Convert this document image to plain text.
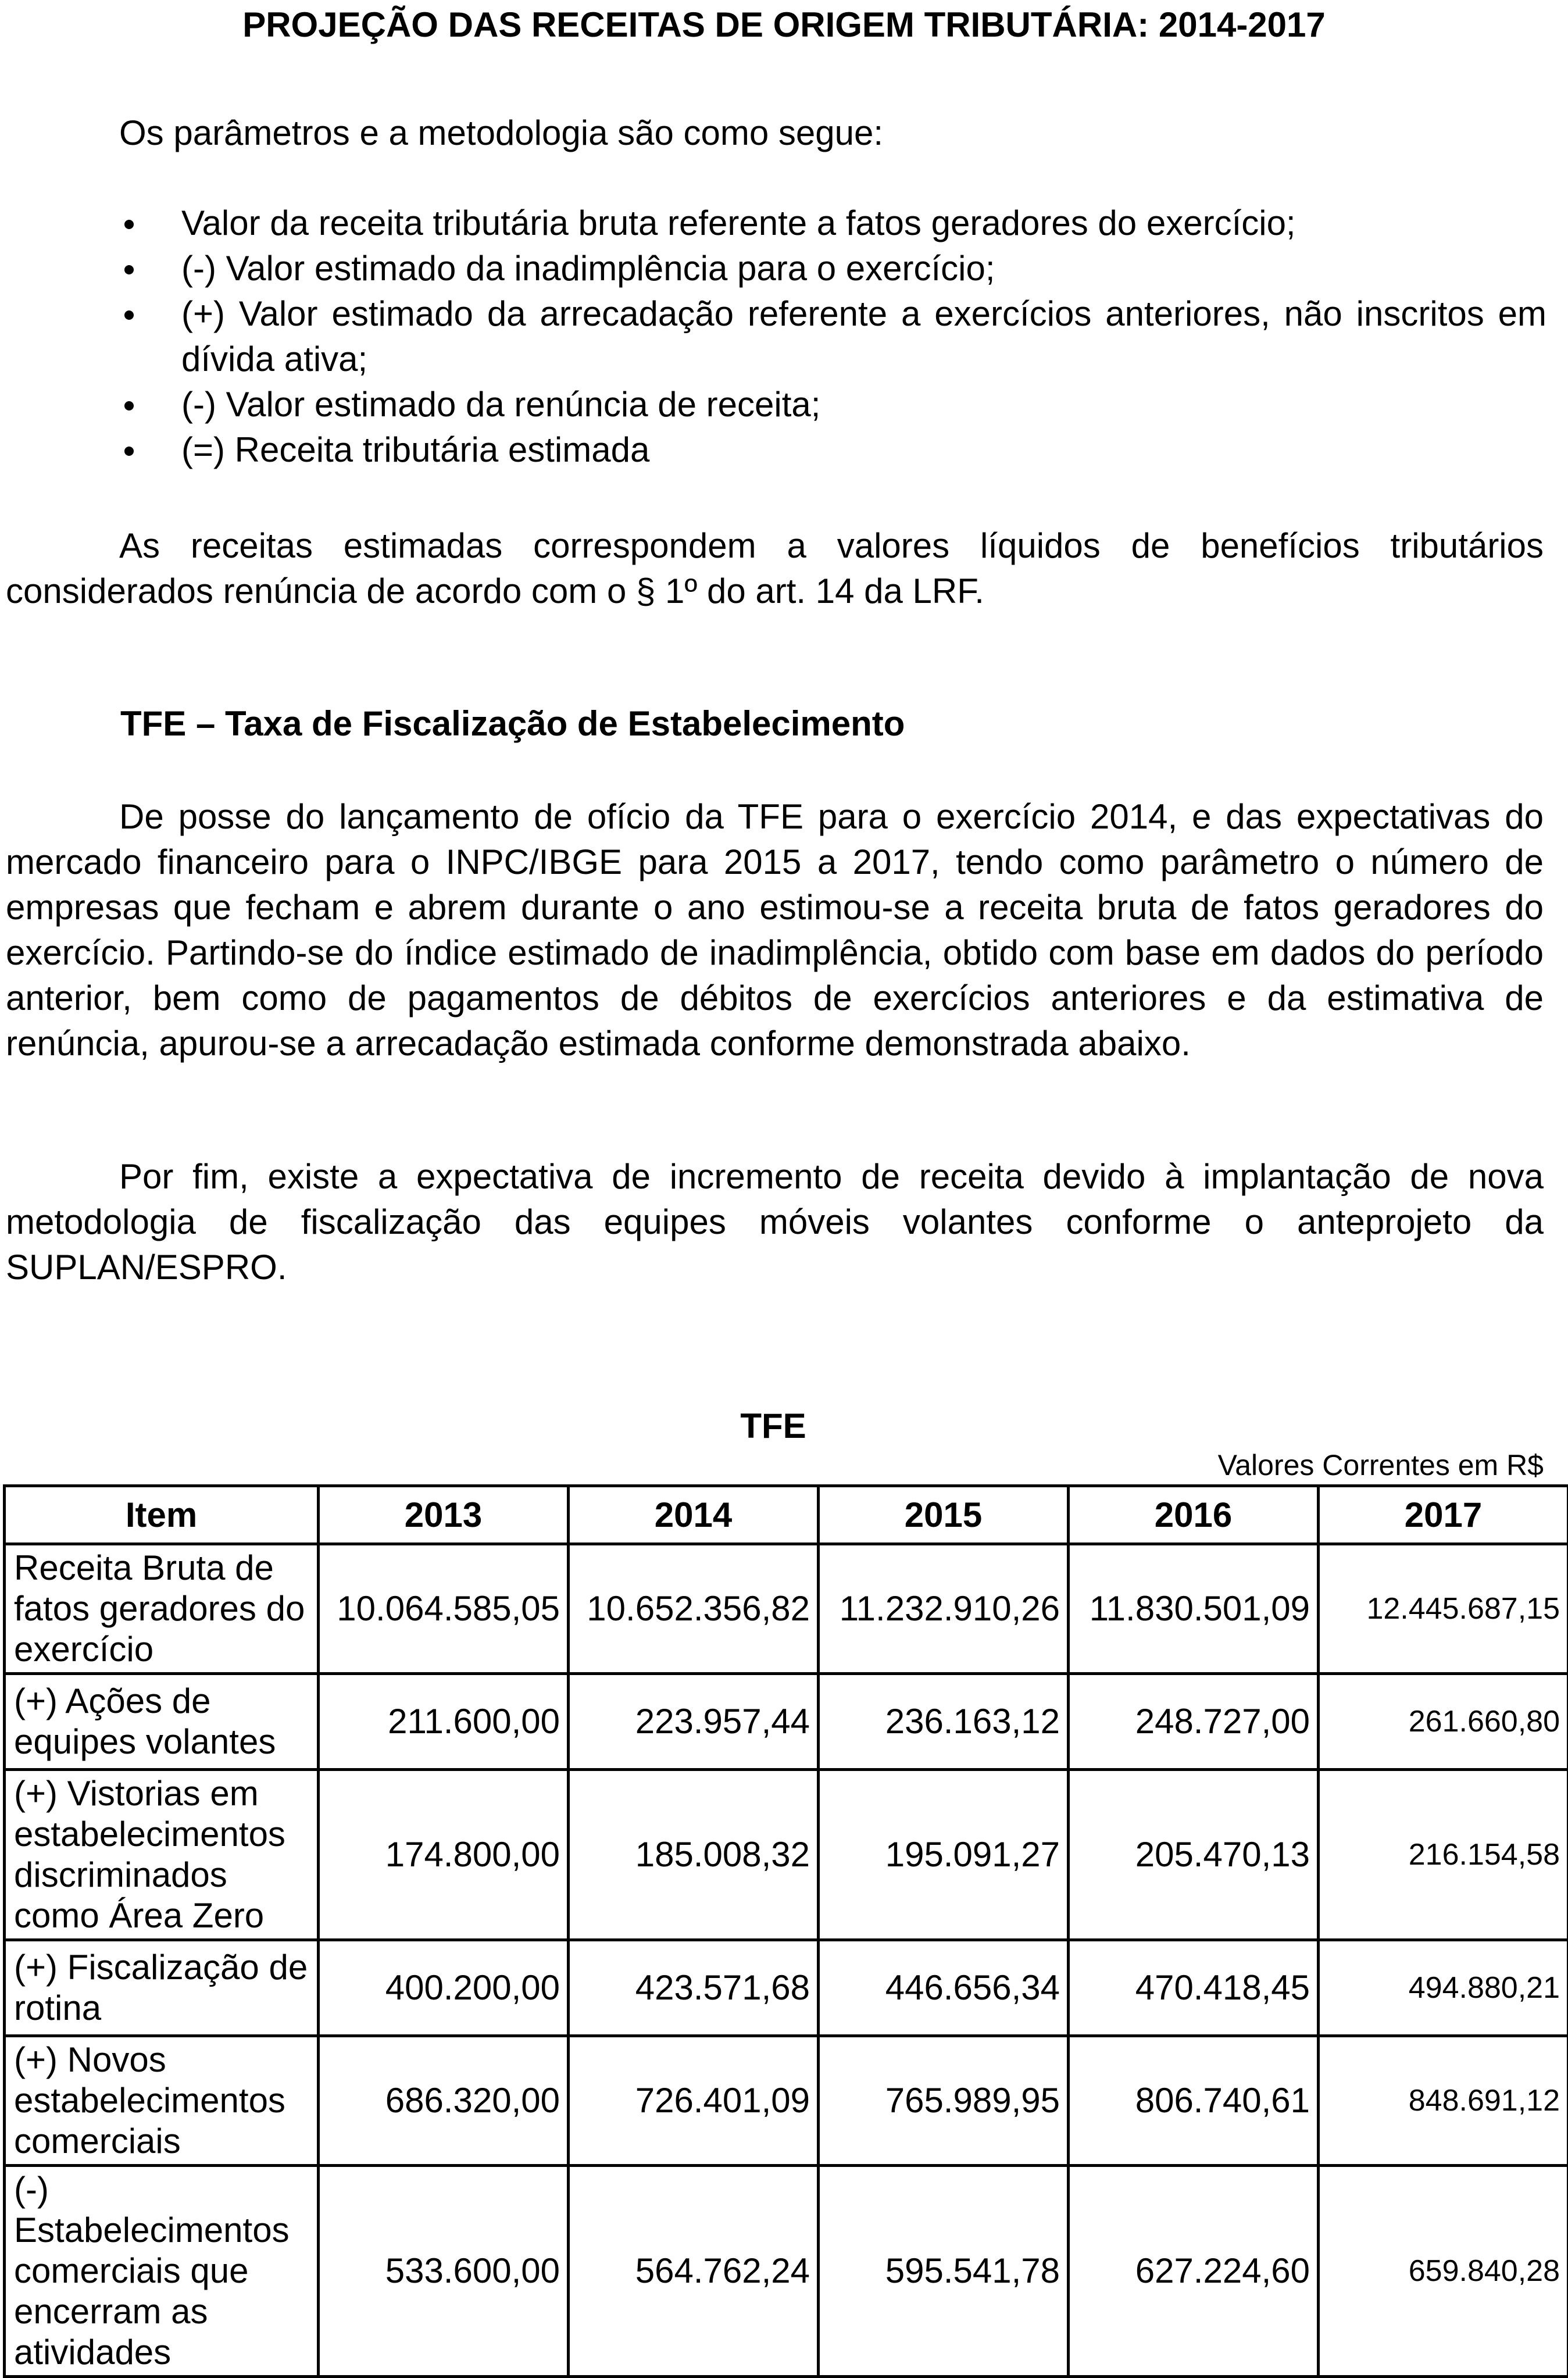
PROJEÇÃO DAS RECEITAS DE ORIGEM TRIBUTÁRIA: 2014-2017

Os parâmetros e a metodologia são como segue:

Valor da receita tributária bruta referente a fatos geradores do exercício;
(-) Valor estimado da inadimplência para o exercício;
(+) Valor estimado da arrecadação referente a exercícios anteriores, não inscritos em dívida ativa;
(-) Valor estimado da renúncia de receita;
(=) Receita tributária estimada

As receitas estimadas correspondem a valores líquidos de benefícios tributários considerados renúncia de acordo com o § 1º do art. 14 da LRF.

TFE – Taxa de Fiscalização de Estabelecimento

De posse do lançamento de ofício da TFE para o exercício 2014, e das expectativas do mercado financeiro para o INPC/IBGE para 2015 a 2017, tendo como parâmetro o número de empresas que fecham e abrem durante o ano estimou-se a receita bruta de fatos geradores do exercício. Partindo-se do índice estimado de inadimplência, obtido com base em dados do período anterior, bem como de pagamentos de débitos de exercícios anteriores e da estimativa de renúncia, apurou-se a arrecadação estimada conforme demonstrada abaixo.

Por fim, existe a expectativa de incremento de receita devido à implantação de nova metodologia de fiscalização das equipes móveis volantes conforme o anteprojeto da SUPLAN/ESPRO.

TFE
Valores Correntes em R$
Item	2013	2014	2015	2016	2017
Receita Bruta de fatos geradores do exercício	10.064.585,05	10.652.356,82	11.232.910,26	11.830.501,09	12.445.687,15
(+) Ações de equipes volantes	211.600,00	223.957,44	236.163,12	248.727,00	261.660,80
(+) Vistorias em estabelecimentos discriminados como Área Zero	174.800,00	185.008,32	195.091,27	205.470,13	216.154,58
(+) Fiscalização de rotina	400.200,00	423.571,68	446.656,34	470.418,45	494.880,21
(+) Novos estabelecimentos comerciais	686.320,00	726.401,09	765.989,95	806.740,61	848.691,12
(-) Estabelecimentos comerciais que encerram as atividades	533.600,00	564.762,24	595.541,78	627.224,60	659.840,28
